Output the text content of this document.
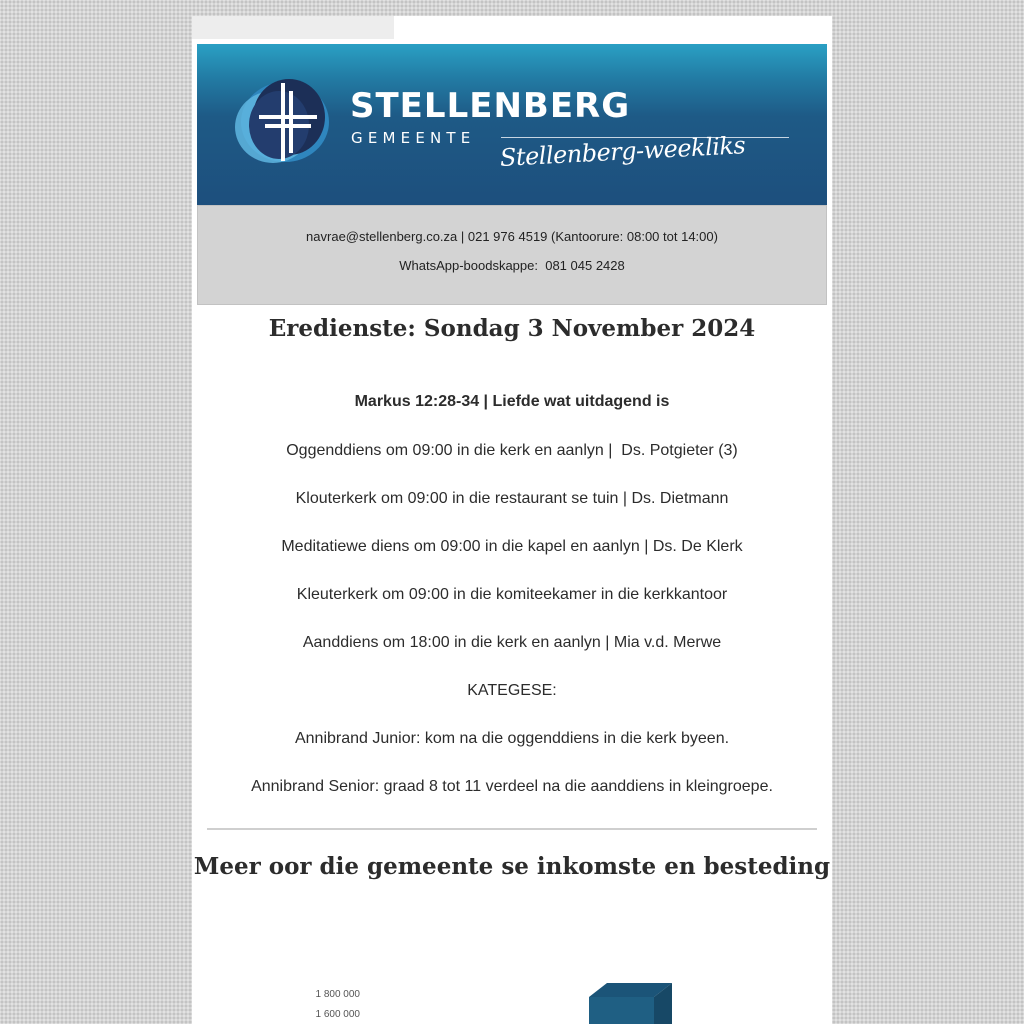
STELLENBERG
GEMEENTE Stellenberg-weekliks
navrae@stellenberg.co.za | 021 976 4519 (Kantoorure: 08:00 tot 14:00)
WhatsApp-boodskappe:  081 045 2428
Eredienste: Sondag 3 November 2024
Markus 12:28-34 | Liefde wat uitdagend is
Oggenddiens om 09:00 in die kerk en aanlyn |  Ds. Potgieter (3)
Klouterkerk om 09:00 in die restaurant se tuin | Ds. Dietmann
Meditatiewe diens om 09:00 in die kapel en aanlyn | Ds. De Klerk
Kleuterkerk om 09:00 in die komiteekamer in die kerkkantoor
Aanddiens om 18:00 in die kerk en aanlyn | Mia v.d. Merwe
KATEGESE:
Annibrand Junior: kom na die oggenddiens in die kerk byeen.
Annibrand Senior: graad 8 tot 11 verdeel na die aanddiens in kleingroepe.
Meer oor die gemeente se inkomste en besteding
1 800 000
1 600 000
